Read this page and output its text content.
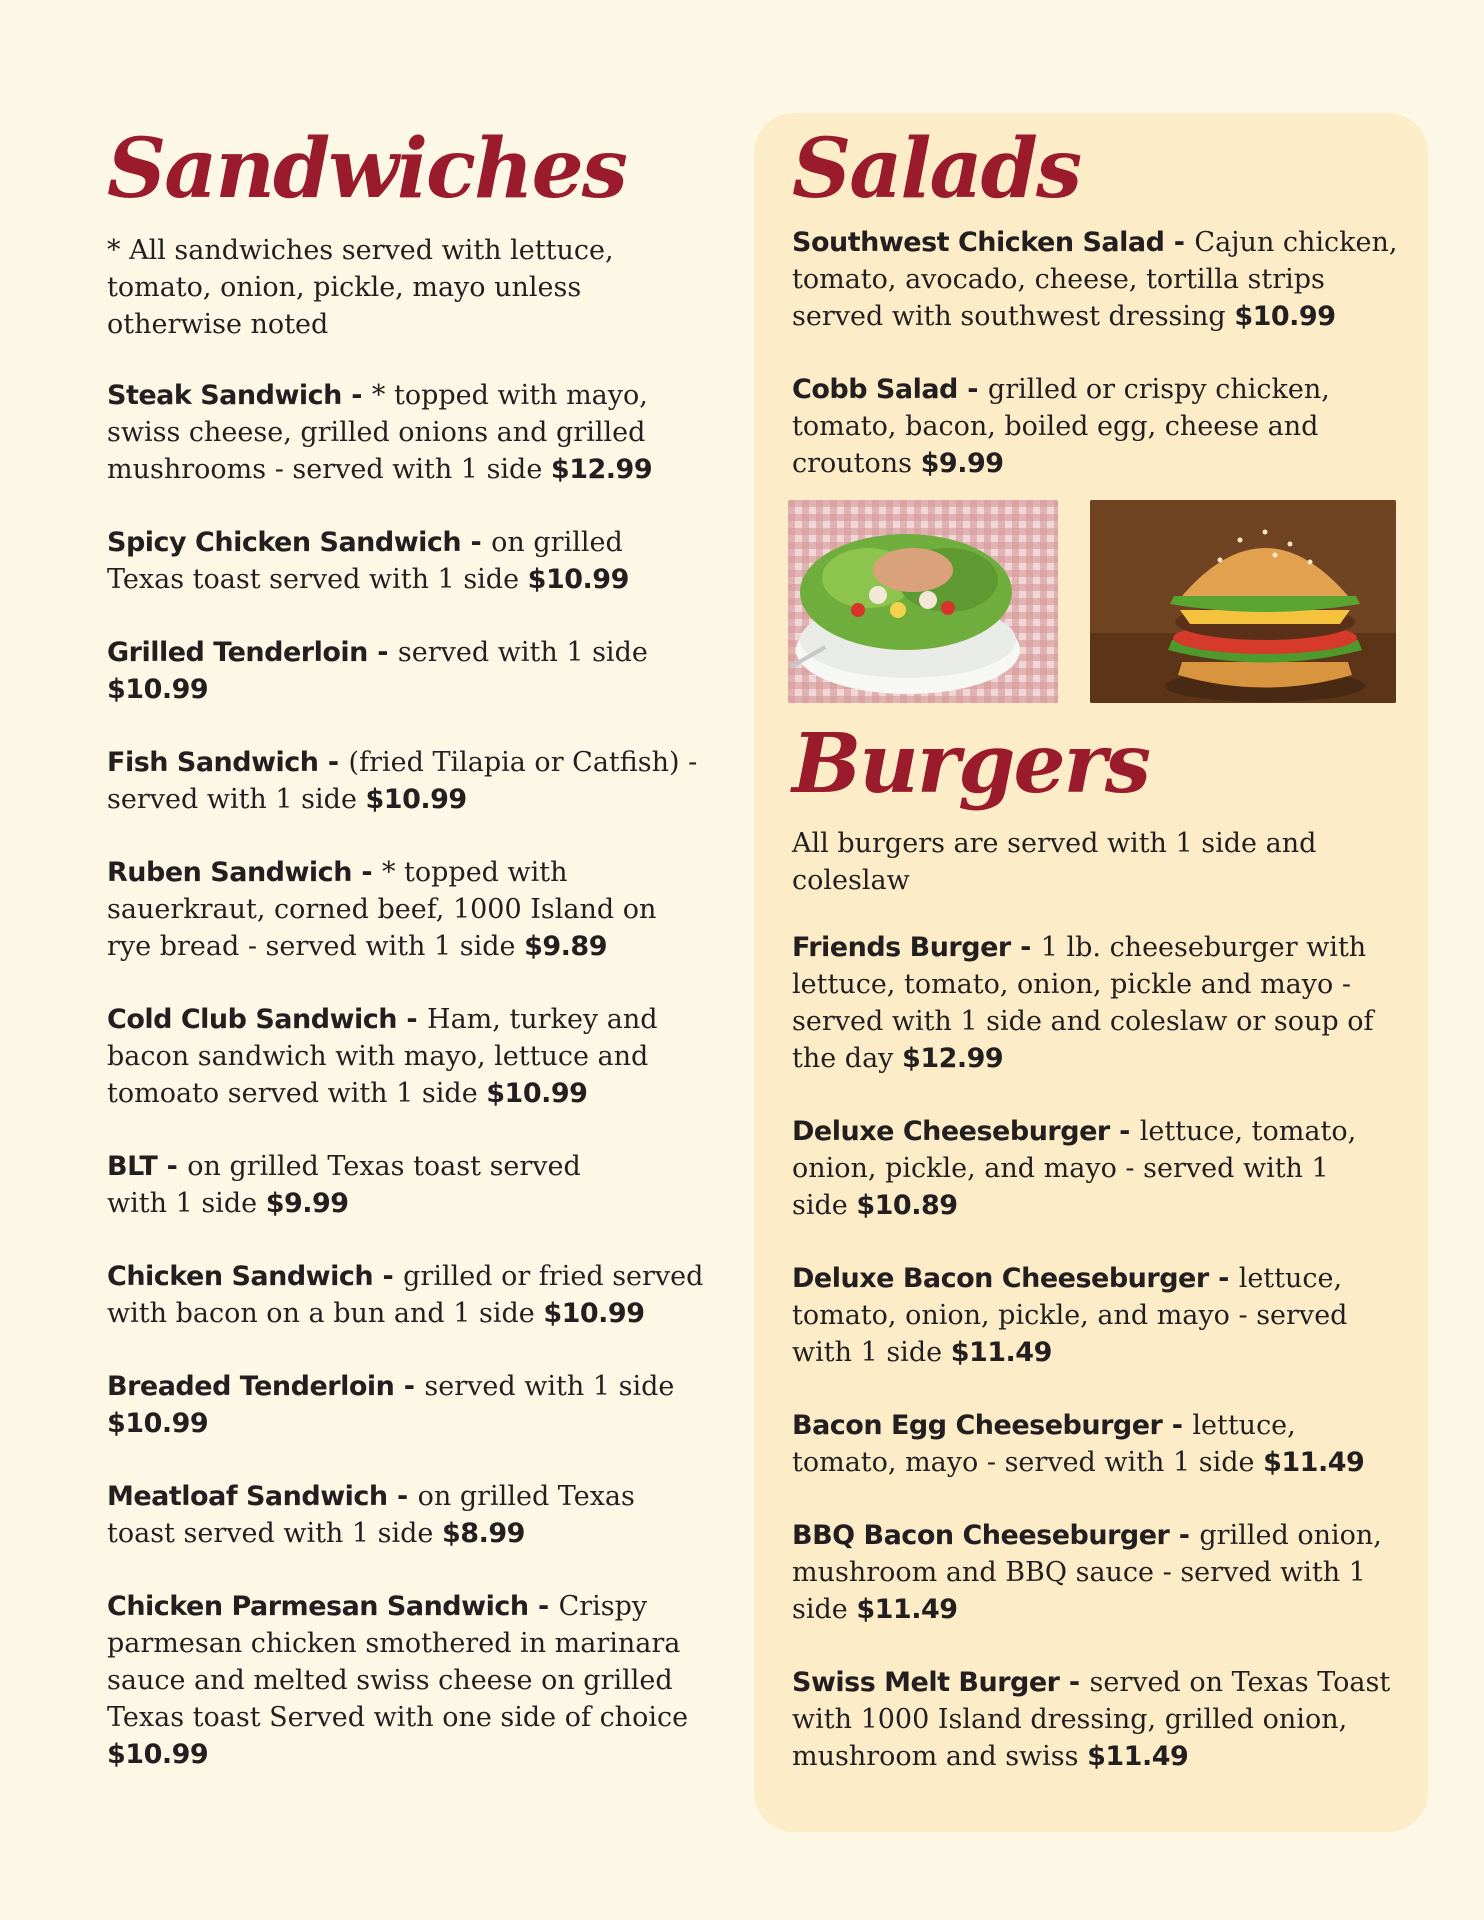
Sandwiches

* All sandwiches served with lettuce, tomato, onion, pickle, mayo unless otherwise noted

Steak Sandwich - * topped with mayo, swiss cheese, grilled onions and grilled mushrooms - served with 1 side $12.99

Spicy Chicken Sandwich - on grilled Texas toast served with 1 side $10.99

Grilled Tenderloin - served with 1 side $10.99

Fish Sandwich - (fried Tilapia or Catfish) - served with 1 side $10.99

Ruben Sandwich - * topped with sauerkraut, corned beef, 1000 Island on rye bread - served with 1 side $9.89

Cold Club Sandwich - Ham, turkey and bacon sandwich with mayo, lettuce and tomoato served with 1 side $10.99

BLT - on grilled Texas toast served with 1 side $9.99

Chicken Sandwich - grilled or fried served with bacon on a bun and 1 side $10.99

Breaded Tenderloin - served with 1 side $10.99

Meatloaf Sandwich - on grilled Texas toast served with 1 side $8.99

Chicken Parmesan Sandwich - Crispy parmesan chicken smothered in marinara sauce and melted swiss cheese on grilled Texas toast Served with one side of choice $10.99

Salads

Southwest Chicken Salad - Cajun chicken, tomato, avocado, cheese, tortilla strips served with southwest dressing $10.99

Cobb Salad - grilled or crispy chicken, tomato, bacon, boiled egg, cheese and croutons $9.99

Burgers

All burgers are served with 1 side and coleslaw

Friends Burger - 1 lb. cheeseburger with lettuce, tomato, onion, pickle and mayo - served with 1 side and coleslaw or soup of the day $12.99

Deluxe Cheeseburger - lettuce, tomato, onion, pickle, and mayo - served with 1 side $10.89

Deluxe Bacon Cheeseburger - lettuce, tomato, onion, pickle, and mayo - served with 1 side $11.49

Bacon Egg Cheeseburger - lettuce, tomato, mayo - served with 1 side $11.49

BBQ Bacon Cheeseburger - grilled onion, mushroom and BBQ sauce - served with 1 side $11.49

Swiss Melt Burger - served on Texas Toast with 1000 Island dressing, grilled onion, mushroom and swiss $11.49
